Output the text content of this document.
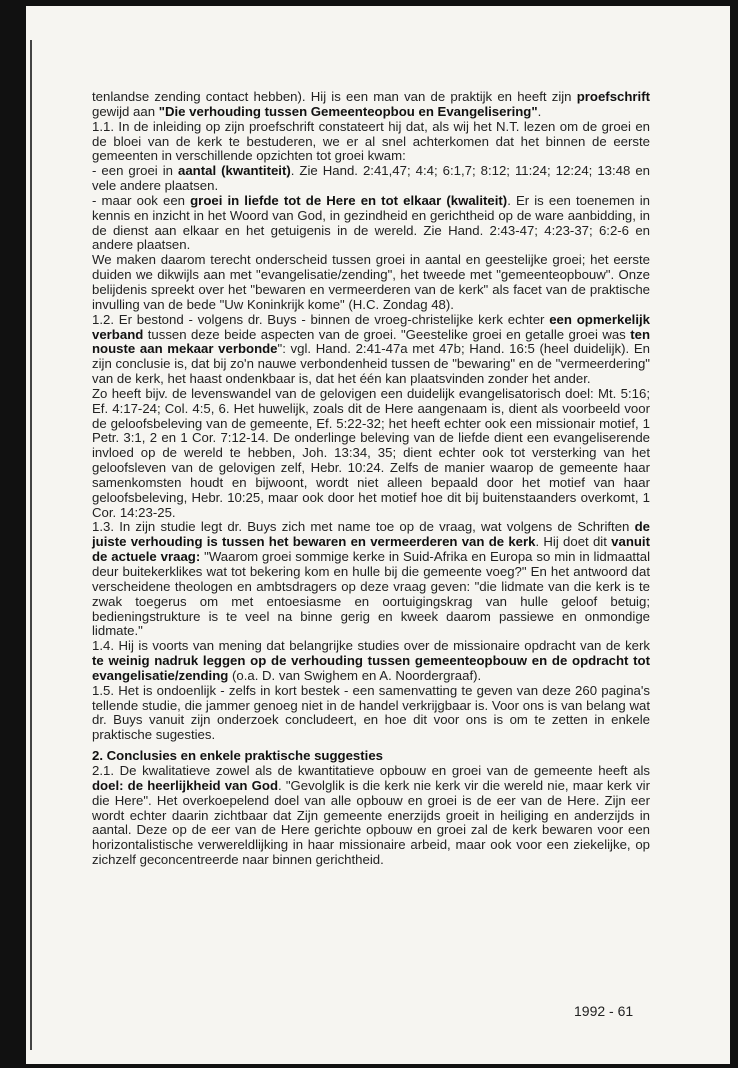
tenlandse zending contact hebben). Hij is een man van de praktijk en heeft zijn proefschrift gewijd aan "Die verhouding tussen Gemeenteopbou en Evangelisering".

1.1. In de inleiding op zijn proefschrift constateert hij dat, als wij het N.T. lezen om de groei en de bloei van de kerk te bestuderen, we er al snel achterkomen dat het binnen de eerste gemeenten in verschillende opzichten tot groei kwam:

- een groei in aantal (kwantiteit). Zie Hand. 2:41,47; 4:4; 6:1,7; 8:12; 11:24; 12:24; 13:48 en vele andere plaatsen.

- maar ook een groei in liefde tot de Here en tot elkaar (kwaliteit). Er is een toenemen in kennis en inzicht in het Woord van God, in gezindheid en gerichtheid op de ware aanbidding, in de dienst aan elkaar en het getuigenis in de wereld. Zie Hand. 2:43-47; 4:23-37; 6:2-6 en andere plaatsen.

We maken daarom terecht onderscheid tussen groei in aantal en geestelijke groei; het eerste duiden we dikwijls aan met "evangelisatie/zending", het tweede met "gemeenteopbouw". Onze belijdenis spreekt over het "bewaren en vermeerderen van de kerk" als facet van de praktische invulling van de bede "Uw Koninkrijk kome" (H.C. Zondag 48).

1.2. Er bestond - volgens dr. Buys - binnen de vroeg-christelijke kerk echter een opmerkelijk verband tussen deze beide aspecten van de groei. "Geestelike groei en getalle groei was ten nouste aan mekaar verbonde": vgl. Hand. 2:41-47a met 47b; Hand. 16:5 (heel duidelijk). En zijn conclusie is, dat bij zo'n nauwe verbondenheid tussen de "bewaring" en de "vermeerdering" van de kerk, het haast ondenkbaar is, dat het één kan plaatsvinden zonder het ander.

Zo heeft bijv. de levenswandel van de gelovigen een duidelijk evangelisatorisch doel: Mt. 5:16; Ef. 4:17-24; Col. 4:5, 6. Het huwelijk, zoals dit de Here aangenaam is, dient als voorbeeld voor de geloofsbeleving van de gemeente, Ef. 5:22-32; het heeft echter ook een missionair motief, 1 Petr. 3:1, 2 en 1 Cor. 7:12-14. De onderlinge beleving van de liefde dient een evangeliserende invloed op de wereld te hebben, Joh. 13:34, 35; dient echter ook tot versterking van het geloofsleven van de gelovigen zelf, Hebr. 10:24. Zelfs de manier waarop de gemeente haar samenkomsten houdt en bijwoont, wordt niet alleen bepaald door het motief van haar geloofsbeleving, Hebr. 10:25, maar ook door het motief hoe dit bij buitenstaanders overkomt, 1 Cor. 14:23-25.

1.3. In zijn studie legt dr. Buys zich met name toe op de vraag, wat volgens de Schriften de juiste verhouding is tussen het bewaren en vermeerderen van de kerk. Hij doet dit vanuit de actuele vraag: "Waarom groei sommige kerke in Suid-Afrika en Europa so min in lidmaattal deur buitekerklikes wat tot bekering kom en hulle bij die gemeente voeg?" En het antwoord dat verscheidene theologen en ambtsdragers op deze vraag geven: "die lidmate van die kerk is te zwak toegerus om met entoesiasme en oortuigingskrag van hulle geloof betuig; bedieningstrukture is te veel na binne gerig en kweek daarom passiewe en onmondige lidmate."

1.4. Hij is voorts van mening dat belangrijke studies over de missionaire opdracht van de kerk te weinig nadruk leggen op de verhouding tussen gemeenteopbouw en de opdracht tot evangelisatie/zending (o.a. D. van Swighem en A. Noordergraaf).

1.5. Het is ondoenlijk - zelfs in kort bestek - een samenvatting te geven van deze 260 pagina's tellende studie, die jammer genoeg niet in de handel verkrijgbaar is. Voor ons is van belang wat dr. Buys vanuit zijn onderzoek concludeert, en hoe dit voor ons is om te zetten in enkele praktische sugesties.

2. Conclusies en enkele praktische suggesties

2.1. De kwalitatieve zowel als de kwantitatieve opbouw en groei van de gemeente heeft als doel: de heerlijkheid van God. "Gevolglik is die kerk nie kerk vir die wereld nie, maar kerk vir die Here". Het overkoepelend doel van alle opbouw en groei is de eer van de Here. Zijn eer wordt echter daarin zichtbaar dat Zijn gemeente enerzijds groeit in heiliging en anderzijds in aantal. Deze op de eer van de Here gerichte opbouw en groei zal de kerk bewaren voor een horizontalistische verwereldlijking in haar missionaire arbeid, maar ook voor een ziekelijke, op zichzelf geconcentreerde naar binnen gerichtheid.

1992 - 61
